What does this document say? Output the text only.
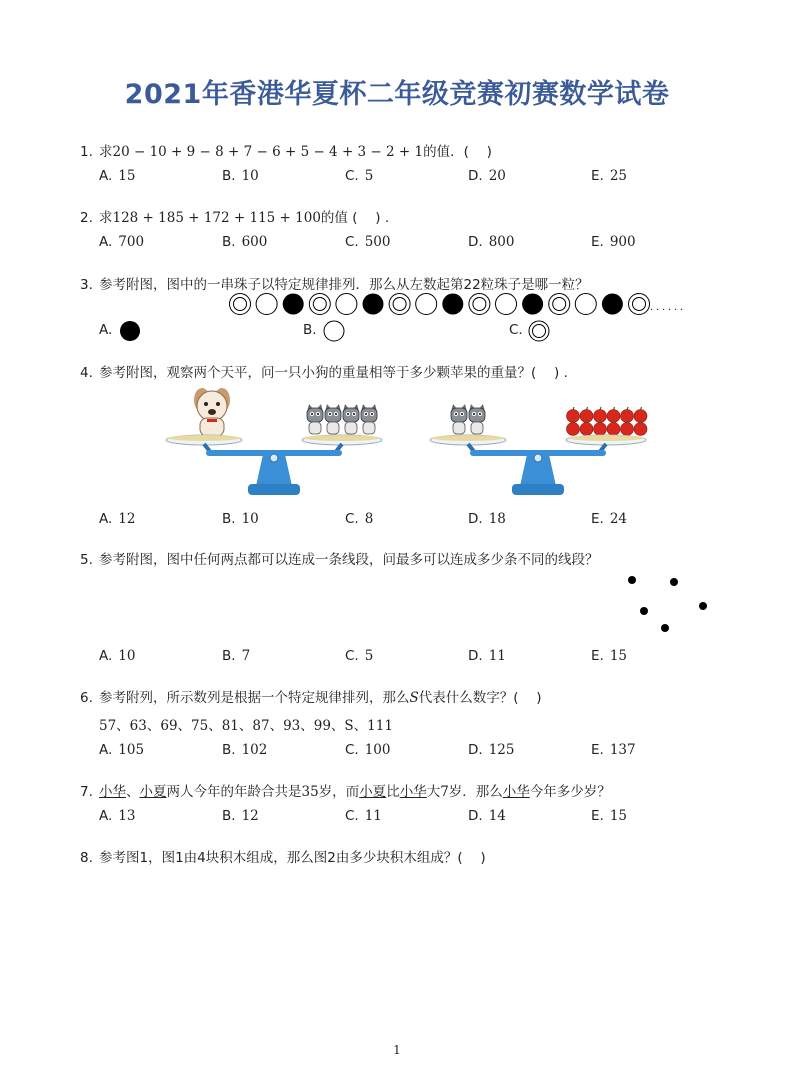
2021年香港华夏杯二年级竞赛初赛数学试卷
1. 求20 − 10 + 9 − 8 + 7 − 6 + 5 − 4 + 3 − 2 + 1的值．(　 )
A. 15	B. 10	C. 5	D. 20	E. 25
2. 求128 + 185 + 172 + 115 + 100的值 (　 ) .
A. 700	B. 600	C. 500	D. 800	E. 900
3. 参考附图，图中的一串珠子以特定规律排列．那么从左数起第22粒珠子是哪一粒？
．．．．．．
A.	B.	C.
4. 参考附图，观察两个天平，问一只小狗的重量相等于多少颗苹果的重量？(　 ) .
A. 12	B. 10	C. 8	D. 18	E. 24
5. 参考附图，图中任何两点都可以连成一条线段，问最多可以连成多少条不同的线段？
A. 10	B. 7	C. 5	D. 11	E. 15
6. 参考附列，所示数列是根据一个特定规律排列，那么S代表什么数字？(　 )
57、63、69、75、81、87、93、99、S、111
A. 105	B. 102	C. 100	D. 125	E. 137
7. 小华、小夏两人今年的年龄合共是35岁，而小夏比小华大7岁．那么小华今年多少岁？
A. 13	B. 12	C. 11	D. 14	E. 15
8. 参考图1，图1由4块积木组成，那么图2由多少块积木组成？(　 )
1
